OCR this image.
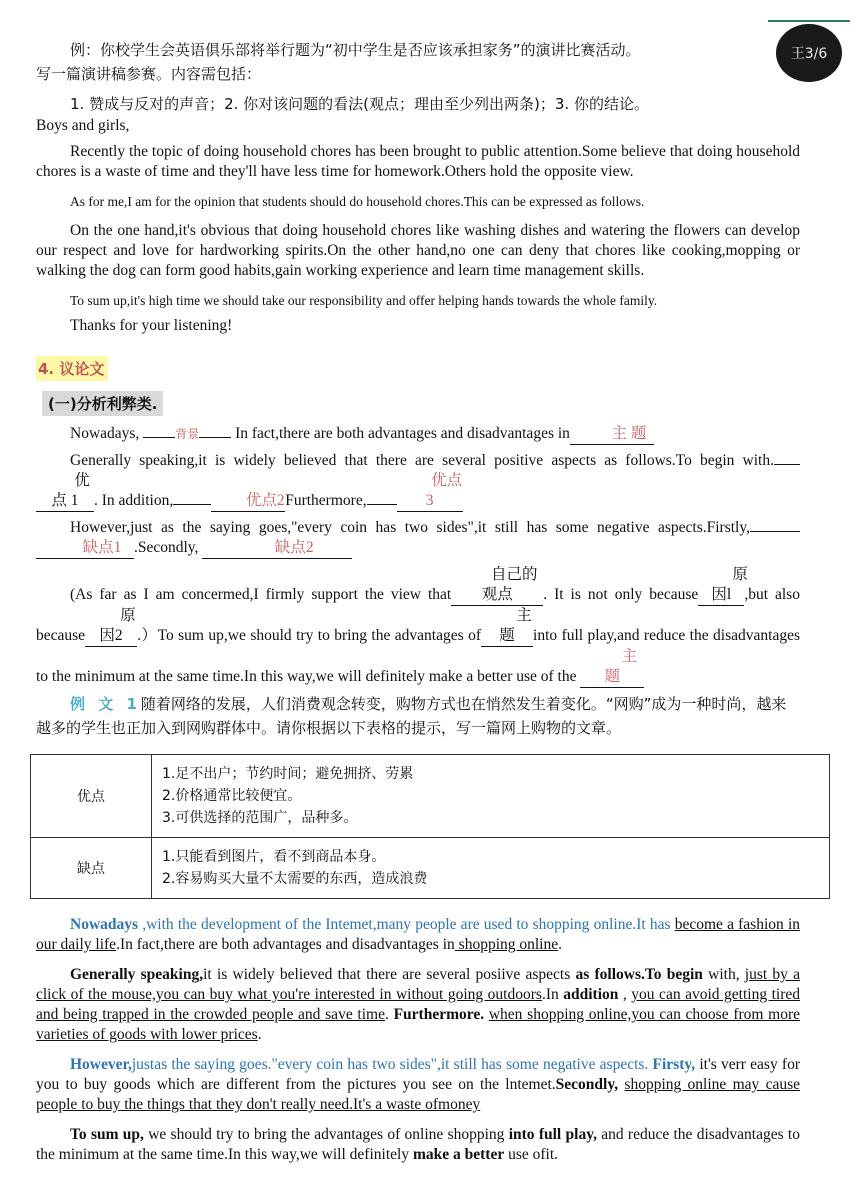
王3/6

例：你校学生会英语俱乐部将举行题为“初中学生是否应该承担家务”的演讲比赛活动。

写一篇演讲稿参赛。内容需包括：

1. 赞成与反对的声音；2. 你对该问题的看法(观点；理由至少列出两条)；3. 你的结论。

Boys and girls,

Recently the topic of doing household chores has been brought to public attention.Some believe that doing household chores is a waste of time and they'll have less time for homework.Others hold the opposite view.

As for me,I am for the opinion that students should do household chores.This can be expressed as follows.

On the one hand,it's obvious that doing household chores like washing dishes and watering the flowers can develop our respect and love for hardworking spirits.On the other hand,no one can deny that chores like cooking,mopping or walking the dog can form good habits,gain working experience and learn time management skills.

To sum up,it's high time we should take our responsibility and offer helping hands towards the whole family.

Thanks for your listening!

4. 议论文
(一)分析利弊类.

Nowadays,	背景 In fact,there are both advantages and disadvantages in	主 题

Generally speaking,it is widely believed that there are several positive aspects as follows.To begin with. 优点 1 . In addition,	优点2Furthermore,优点 3

However,just as the saying goes,"every coin has two sides",it still has some negative aspects.Firstly, 缺点1 .Secondly,	缺点2

(As far as I am concermed,I firmly support the view that自己的观点 . It is not only because原因l ,but also because原因2 .）To sum up,we should try to bring the advantages of主 题 into full play,and reduce the disadvantages to the minimum at the same time.In this way,we will definitely make a better use of the 主题

例 文 1随着网络的发展，人们消费观念转变，购物方式也在悄然发生着变化。“网购”成为一种时尚，越来越多的学生也正加入到网购群体中。请你根据以下表格的提示，写一篇网上购物的文章。

优点	1.足不出户；节约时间；避免拥挤、劳累
2.价格通常比较便宜。
3.可供选择的范围广，品种多。

缺点	1.只能看到图片，看不到商品本身。
2.容易购买大量不太需要的东西，造成浪费

Nowadays ,with the development of the Intemet,many people are used to shopping online.It has become a fashion in our daily life.In fact,there are both advantages and disadvantages in shopping online.

Generally speaking,it is widely believed that there are several posiive aspects as follows.To begin with, just by a click of the mouse,you can buy what you're interested in without going outdoors.In addition , you can avoid getting tired and being trapped in the crowded people and save time. Furthermore. when shopping online,you can choose from more varieties of goods with lower prices.

However,justas the saying goes."every coin has two sides",it still has some negative aspects. Firsty, it's verr easy for you to buy goods which are different from the pictures you see on the lntemet.Secondly, shopping online may cause people to buy the things that they don't really need.It's a waste ofmoney

To sum up, we should try to bring the advantages of online shopping into full play, and reduce the disadvantages to the minimum at the same time.In this way,we will definitely make a better use ofit.
